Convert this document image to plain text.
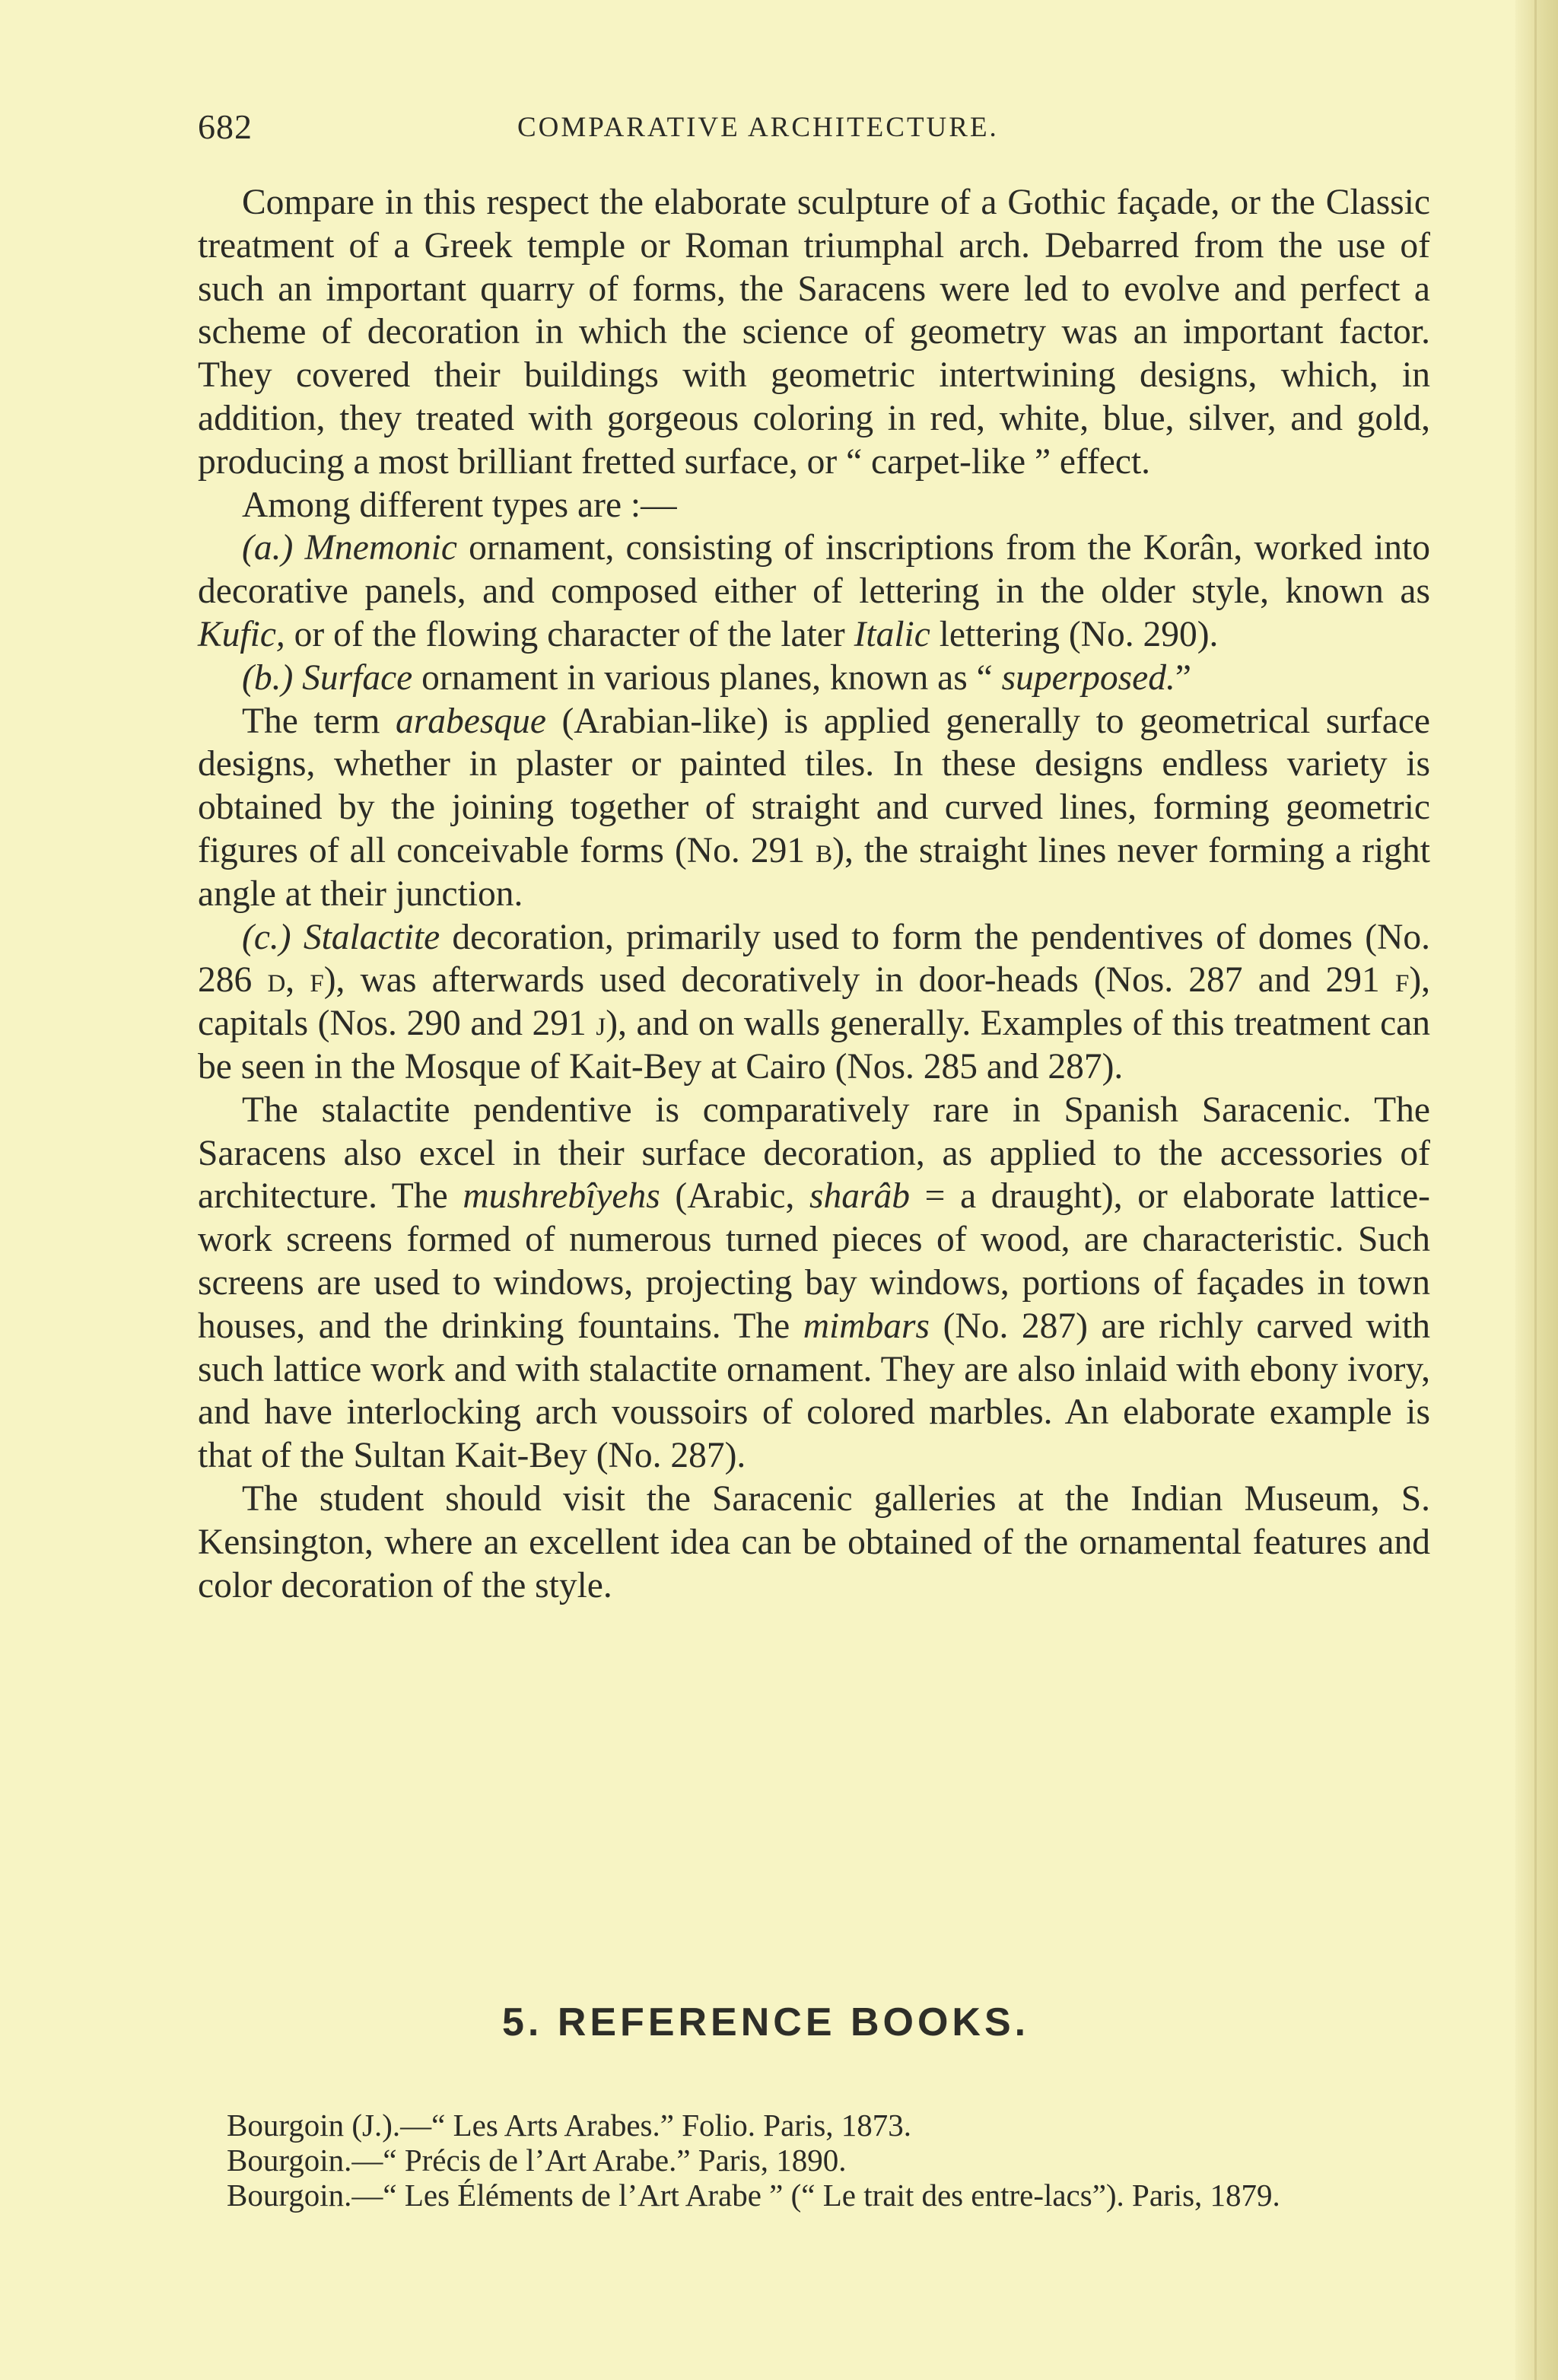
682	COMPARATIVE ARCHITECTURE.

Compare in this respect the elaborate sculpture of a Gothic façade, or the Classic treatment of a Greek temple or Roman triumphal arch. Debarred from the use of such an important quarry of forms, the Saracens were led to evolve and perfect a scheme of decoration in which the science of geometry was an important factor. They covered their buildings with geometric intertwining designs, which, in addition, they treated with gorgeous coloring in red, white, blue, silver, and gold, producing a most brilliant fretted surface, or “ carpet-like ” effect.

Among different types are :—

(a.) Mnemonic ornament, consisting of inscriptions from the Korân, worked into decorative panels, and composed either of lettering in the older style, known as Kufic, or of the flowing character of the later Italic lettering (No. 290).

(b.) Surface ornament in various planes, known as “ superposed.”

The term arabesque (Arabian-like) is applied generally to geometrical surface designs, whether in plaster or painted tiles. In these designs endless variety is obtained by the joining together of straight and curved lines, forming geometric figures of all conceivable forms (No. 291 b), the straight lines never forming a right angle at their junction.

(c.) Stalactite decoration, primarily used to form the pendentives of domes (No. 286 d, f), was afterwards used decoratively in door-heads (Nos. 287 and 291 f), capitals (Nos. 290 and 291 j), and on walls generally. Examples of this treatment can be seen in the Mosque of Kait-Bey at Cairo (Nos. 285 and 287).

The stalactite pendentive is comparatively rare in Spanish Saracenic. The Saracens also excel in their surface decoration, as applied to the accessories of architecture. The mushrebîyehs (Arabic, sharâb = a draught), or elaborate lattice-work screens formed of numerous turned pieces of wood, are characteristic. Such screens are used to windows, projecting bay windows, portions of façades in town houses, and the drinking fountains. The mimbars (No. 287) are richly carved with such lattice work and with stalactite ornament. They are also inlaid with ebony ivory, and have interlocking arch voussoirs of colored marbles. An elaborate example is that of the Sultan Kait-Bey (No. 287).

The student should visit the Saracenic galleries at the Indian Museum, S. Kensington, where an excellent idea can be obtained of the ornamental features and color decoration of the style.

5. REFERENCE BOOKS.

Bourgoin (J.).—“ Les Arts Arabes.” Folio. Paris, 1873.

Bourgoin.—“ Précis de l’Art Arabe.” Paris, 1890.

Bourgoin.—“ Les Éléments de l’Art Arabe ” (“ Le trait des entre-lacs”). Paris, 1879.
